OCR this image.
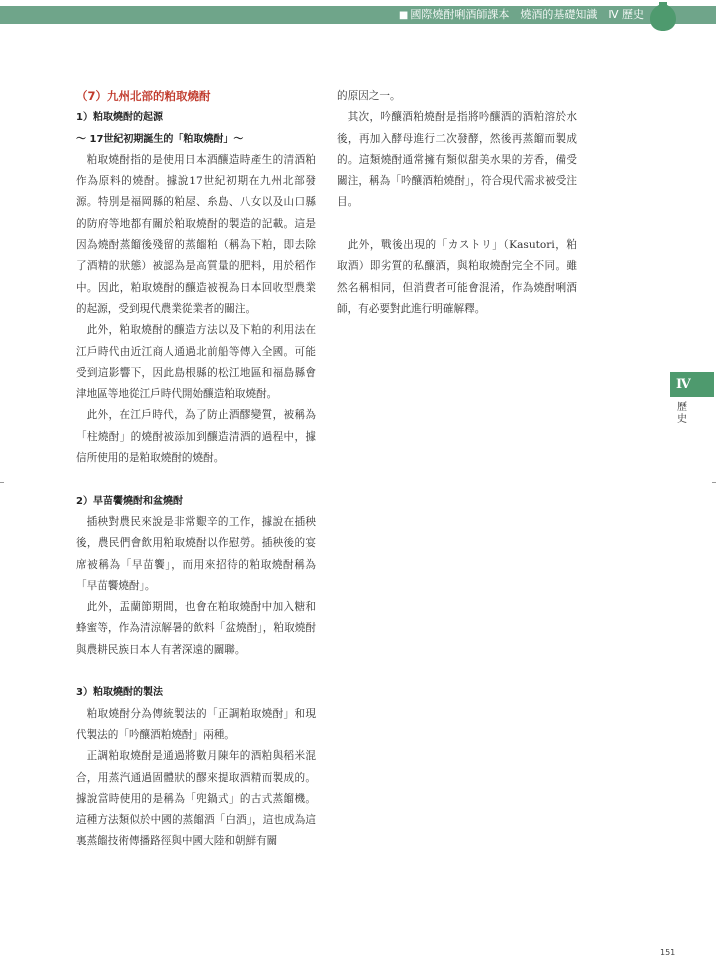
■ 國際燒酎唎酒師課本　燒酒的基礎知識　Ⅳ 歷史

（7）九州北部的粕取燒酎

1）粕取燒酎的起源

～ 17世紀初期誕生的「粕取燒酎」～

粕取燒酎指的是使用日本酒釀造時產生的清酒粕作為原料的燒酎。據說17世紀初期在九州北部發源。特別是福岡縣的粕屋、糸島、八女以及山口縣的防府等地都有關於粕取燒酎的製造的記載。這是因為燒酎蒸餾後殘留的蒸餾粕（稱為下粕，即去除了酒精的狀態）被認為是高質量的肥料，用於稻作中。因此，粕取燒酎的釀造被視為日本回收型農業的起源，受到現代農業從業者的關注。

此外，粕取燒酎的釀造方法以及下粕的利用法在江戶時代由近江商人通過北前船等傳入全國。可能受到這影響下，因此島根縣的松江地區和福島縣會津地區等地從江戶時代開始釀造粕取燒酎。

此外，在江戶時代，為了防止酒醪變質，被稱為「柱燒酎」的燒酎被添加到釀造清酒的過程中，據信所使用的是粕取燒酎的燒酎。

2）早苗饗燒酎和盆燒酎

插秧對農民來說是非常艱辛的工作，據說在插秧後，農民們會飲用粕取燒酎以作慰勞。插秧後的宴席被稱為「早苗饗」，而用來招待的粕取燒酎稱為「早苗饗燒酎」。

此外，盂蘭節期間，也會在粕取燒酎中加入糖和蜂蜜等，作為清涼解暑的飲料「盆燒酎」，粕取燒酎與農耕民族日本人有著深遠的關聯。

3）粕取燒酎的製法

粕取燒酎分為傳統製法的「正調粕取燒酎」和現代製法的「吟釀酒粕燒酎」兩種。

正調粕取燒酎是通過將數月陳年的酒粕與稻米混合，用蒸汽通過固體狀的醪來提取酒精而製成的。據說當時使用的是稱為「兜鍋式」的古式蒸餾機。這種方法類似於中國的蒸餾酒「白酒」，這也成為這裏蒸餾技術傳播路徑與中國大陸和朝鮮有關

的原因之一。

其次，吟釀酒粕燒酎是指將吟釀酒的酒粕溶於水後，再加入酵母進行二次發酵，然後再蒸餾而製成的。這類燒酎通常擁有類似甜美水果的芳香，備受關注，稱為「吟釀酒粕燒酎」，符合現代需求被受注目。

此外，戰後出現的「カストリ」（Kasutori，粕取酒）即劣質的私釀酒，與粕取燒酎完全不同。雖然名稱相同，但消費者可能會混淆，作為燒酎唎酒師，有必要對此進行明確解釋。

Ⅳ
歷史
151
